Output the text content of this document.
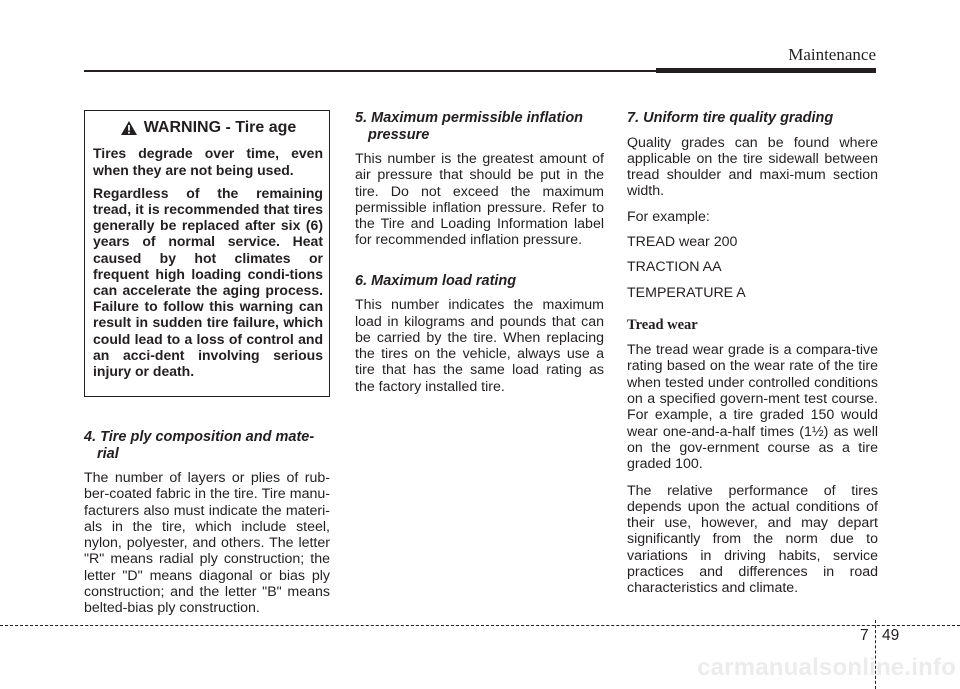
Maintenance
WARNING - Tire age

Tires degrade over time, even when they are not being used.

Regardless of the remaining tread, it is recommended that tires generally be replaced after six (6) years of normal service. Heat caused by hot climates or frequent high loading condi-tions can accelerate the aging process. Failure to follow this warning can result in sudden tire failure, which could lead to a loss of control and an acci-dent involving serious injury or death.

4. Tire ply composition and mate-rial

The number of layers or plies of rub-ber-coated fabric in the tire. Tire manu-facturers also must indicate the materi-als in the tire, which include steel, nylon, polyester, and others. The letter "R" means radial ply construction; the letter "D" means diagonal or bias ply construction; and the letter "B" means belted-bias ply construction.

5. Maximum permissible inflation pressure

This number is the greatest amount of air pressure that should be put in the tire. Do not exceed the maximum permissible inflation pressure. Refer to the Tire and Loading Information label for recommended inflation pressure.

6. Maximum load rating

This number indicates the maximum load in kilograms and pounds that can be carried by the tire. When replacing the tires on the vehicle, always use a tire that has the same load rating as the factory installed tire.

7. Uniform tire quality grading

Quality grades can be found where applicable on the tire sidewall between tread shoulder and maxi-mum section width.

For example:

TREAD wear 200

TRACTION AA

TEMPERATURE A

Tread wear

The tread wear grade is a compara-tive rating based on the wear rate of the tire when tested under controlled conditions on a specified govern-ment test course. For example, a tire graded 150 would wear one-and-a-half times (1½) as well on the gov-ernment course as a tire graded 100.

The relative performance of tires depends upon the actual conditions of their use, however, and may depart significantly from the norm due to variations in driving habits, service practices and differences in road characteristics and climate.

7 49
carmanualsonline.info
